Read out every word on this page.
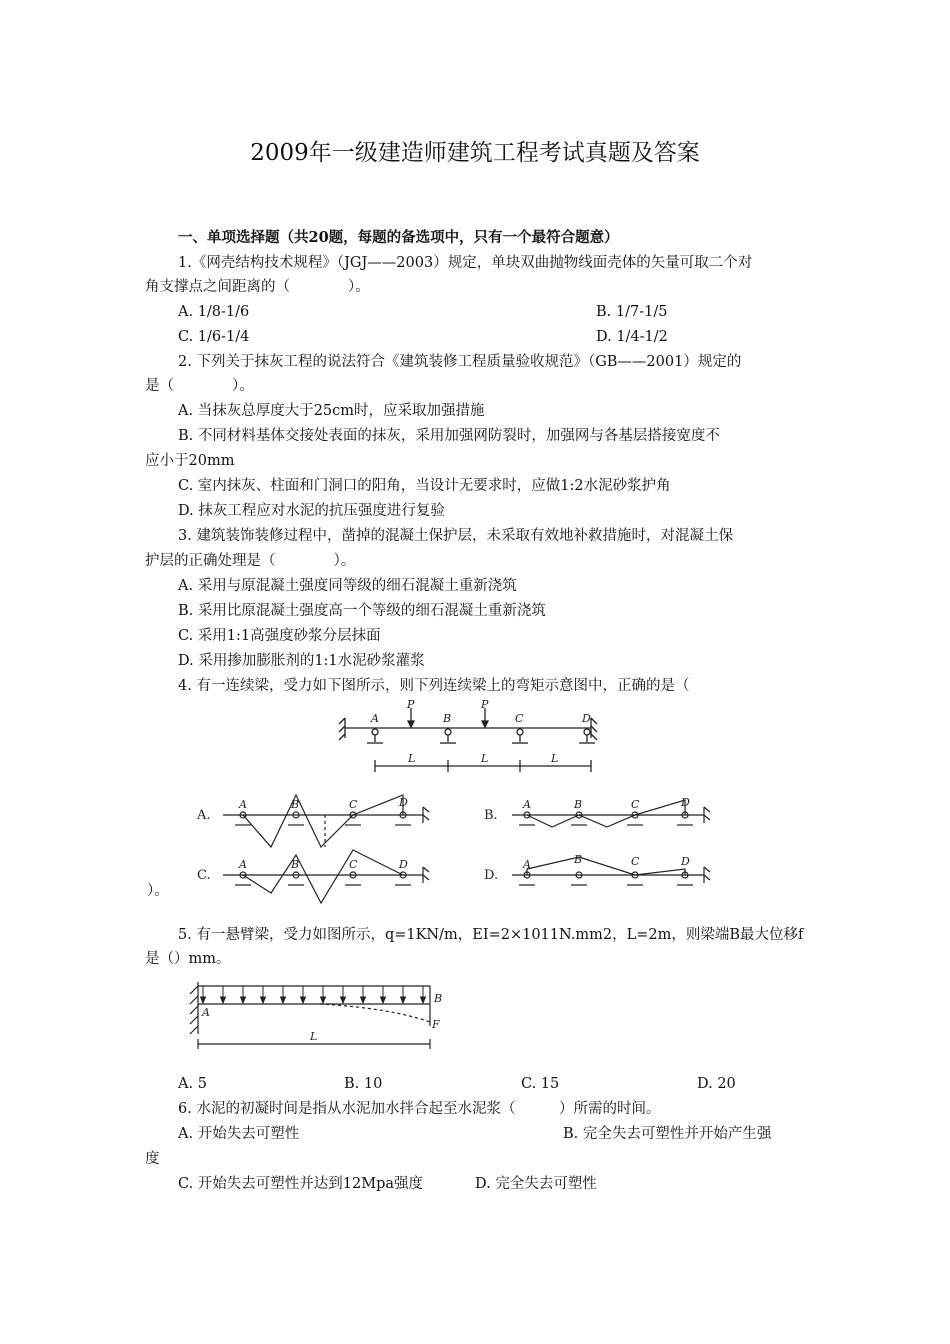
2009年一级建造师建筑工程考试真题及答案
一、单项选择题（共20题，每题的备选项中，只有一个最符合题意）
1.《网壳结构技术规程》（JGJ——2003）规定，单块双曲抛物线面壳体的矢量可取二个对
角支撑点之间距离的（　　　　）。
A. 1/8-1/6	B. 1/7-1/5
C. 1/6-1/4	D. 1/4-1/2
2. 下列关于抹灰工程的说法符合《建筑装修工程质量验收规范》（GB——2001）规定的
是（　　　　）。
A. 当抹灰总厚度大于25cm时，应采取加强措施
B. 不同材料基体交接处表面的抹灰，采用加强网防裂时，加强网与各基层搭接宽度不
应小于20mm
C. 室内抹灰、柱面和门洞口的阳角，当设计无要求时，应做1:2水泥砂浆护角
D. 抹灰工程应对水泥的抗压强度进行复验
3. 建筑装饰装修过程中，凿掉的混凝土保护层，未采取有效地补救措施时，对混凝土保
护层的正确处理是（　　　　）。
A. 采用与原混凝土强度同等级的细石混凝土重新浇筑
B. 采用比原混凝土强度高一个等级的细石混凝土重新浇筑
C. 采用1:1高强度砂浆分层抹面
D. 采用掺加膨胀剂的1:1水泥砂浆灌浆
4. 有一连续梁，受力如下图所示，则下列连续梁上的弯矩示意图中，正确的是（
A	B	C	D
P	P
L	L	L
A.
A	B	C	D
B.
A	B	C	D
C.
A	B	C	D
D.
A	B	C	D
）。
5. 有一悬臂梁，受力如图所示，q=1KN/m，EI=2×1011N.mm2，L=2m，则梁端B最大位移f
是（）mm。
A
B
F
L
A. 5	B. 10	C. 15	D. 20
6. 水泥的初凝时间是指从水泥加水拌合起至水泥浆（　　　）所需的时间。
A. 开始失去可塑性	B. 完全失去可塑性并开始产生强
度
C. 开始失去可塑性并达到12Mpa强度	D. 完全失去可塑性
